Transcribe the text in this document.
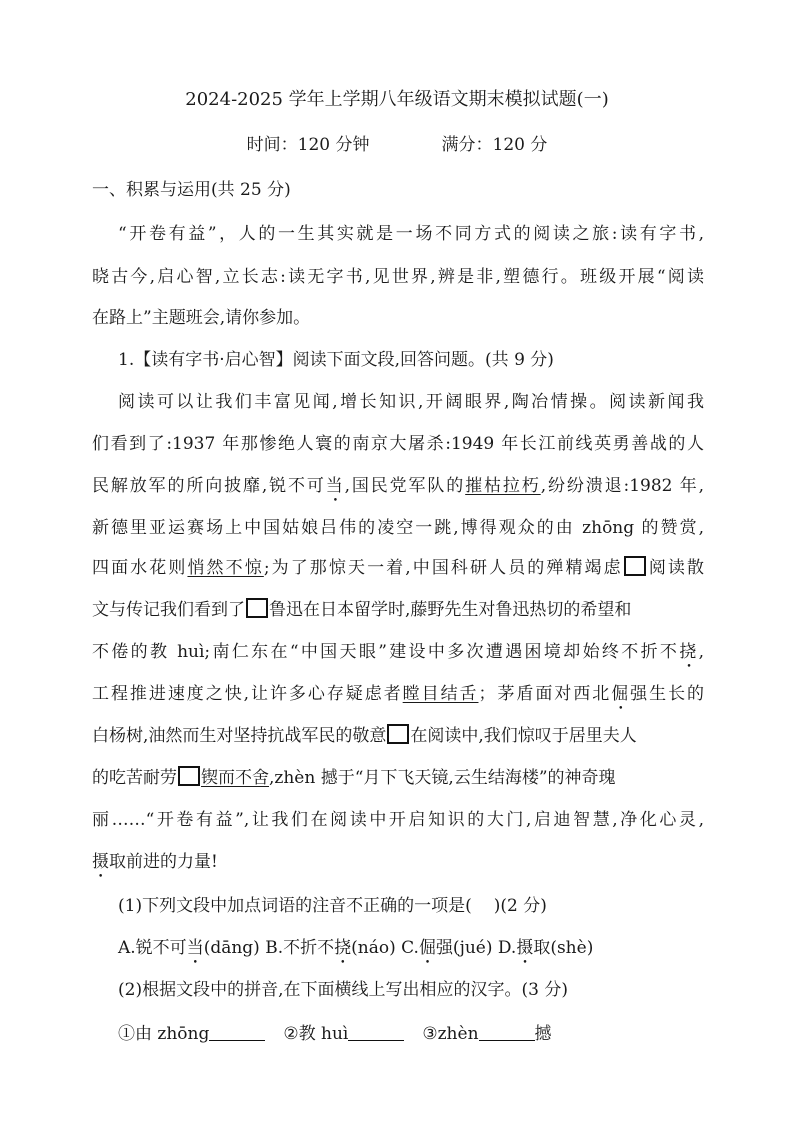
2024-2025 学年上学期八年级语文期末模拟试题(一)
时间：120 分钟	满分：120 分
一、积累与运用(共 25 分)
“开卷有益”，人的一生其实就是一场不同方式的阅读之旅:读有字书,
晓古今,启心智,立长志:读无字书,见世界,辨是非,塑德行。班级开展“阅读
在路上”主题班会,请你参加。
1.【读有字书·启心智】阅读下面文段,回答问题。(共 9 分)
阅读可以让我们丰富见闻,增长知识,开阔眼界,陶冶情操。阅读新闻我
们看到了:1937 年那惨绝人寰的南京大屠杀:1949 年长江前线英勇善战的人
民解放军的所向披靡,锐不可当,国民党军队的摧枯拉朽,纷纷溃退:1982 年,
新德里亚运赛场上中国姑娘吕伟的凌空一跳,博得观众的由 zhōng 的赞赏,
四面水花则悄然不惊;为了那惊天一着,中国科研人员的殚精竭虑 阅读散
文与传记我们看到了 鲁迅在日本留学时,藤野先生对鲁迅热切的希望和
不倦的教 huì;南仁东在“中国天眼”建设中多次遭遇困境却始终不折不挠,
工程推进速度之快,让许多心存疑虑者瞠目结舌；茅盾面对西北倔强生长的
白杨树,油然而生对坚持抗战军民的敬意 在阅读中,我们惊叹于居里夫人
的吃苦耐劳 锲而不舍,zhèn 撼于“月下飞天镜,云生结海楼”的神奇瑰
丽……“开卷有益”,让我们在阅读中开启知识的大门,启迪智慧,净化心灵,
摄取前进的力量!
(1)下列文段中加点词语的注音不正确的一项是( )(2 分)
A.锐不可当(dāng) B.不折不挠(náo) C.倔强(jué) D.摄取(shè)
(2)根据文段中的拼音,在下面横线上写出相应的汉字。(3 分)
①由 zhōng	②教 huì	③zhèn	撼
